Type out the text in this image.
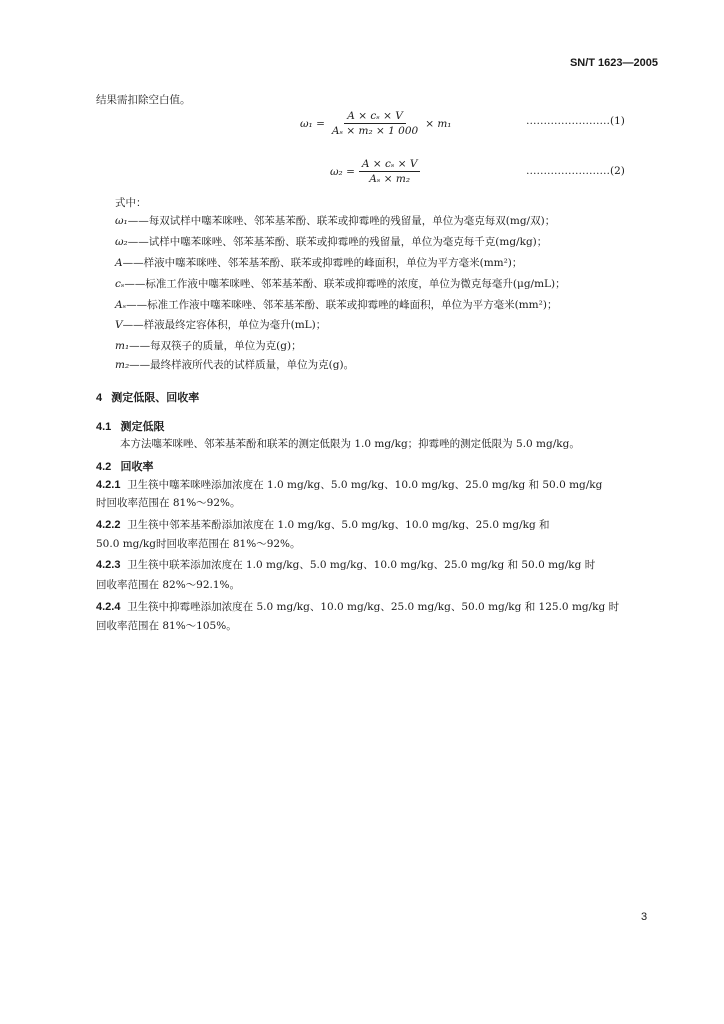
SN/T 1623—2005
结果需扣除空白值。
$\omega_1 = \frac{\text{A × cₛ × V}}{\text{Aₛ × m₂ × 1 000}} \times m_1$	……………………(1)
$\omega_2 = \frac{\text{A × cₛ × V}}{\text{Aₛ × m₂}}$	……………………(2)
式中：
ω₁——每双试样中噻苯咪唑、邻苯基苯酚、联苯或抑霉唑的残留量，单位为毫克每双(mg/双)；
ω₂——试样中噻苯咪唑、邻苯基苯酚、联苯或抑霉唑的残留量，单位为毫克每千克(mg/kg)；
A——样液中噻苯咪唑、邻苯基苯酚、联苯或抑霉唑的峰面积，单位为平方毫米(mm²)；
cₛ——标准工作液中噻苯咪唑、邻苯基苯酚、联苯或抑霉唑的浓度，单位为微克每毫升(μg/mL)；
Aₛ——标准工作液中噻苯咪唑、邻苯基苯酚、联苯或抑霉唑的峰面积，单位为平方毫米(mm²)；
V——样液最终定容体积，单位为毫升(mL)；
m₁——每双筷子的质量，单位为克(g)；
m₂——最终样液所代表的试样质量，单位为克(g)。
4 测定低限、回收率
4.1 测定低限
本方法噻苯咪唑、邻苯基苯酚和联苯的测定低限为 1.0 mg/kg；抑霉唑的测定低限为 5.0 mg/kg。
4.2 回收率
4.2.1 卫生筷中噻苯咪唑添加浓度在 1.0 mg/kg、5.0 mg/kg、10.0 mg/kg、25.0 mg/kg 和 50.0 mg/kg
时回收率范围在 81%～92%。
4.2.2 卫生筷中邻苯基苯酚添加浓度在 1.0 mg/kg、5.0 mg/kg、10.0 mg/kg、25.0 mg/kg 和
50.0 mg/kg时回收率范围在 81%～92%。
4.2.3 卫生筷中联苯添加浓度在 1.0 mg/kg、5.0 mg/kg、10.0 mg/kg、25.0 mg/kg 和 50.0 mg/kg 时
回收率范围在 82%～92.1%。
4.2.4 卫生筷中抑霉唑添加浓度在 5.0 mg/kg、10.0 mg/kg、25.0 mg/kg、50.0 mg/kg 和 125.0 mg/kg 时
回收率范围在 81%～105%。
3
